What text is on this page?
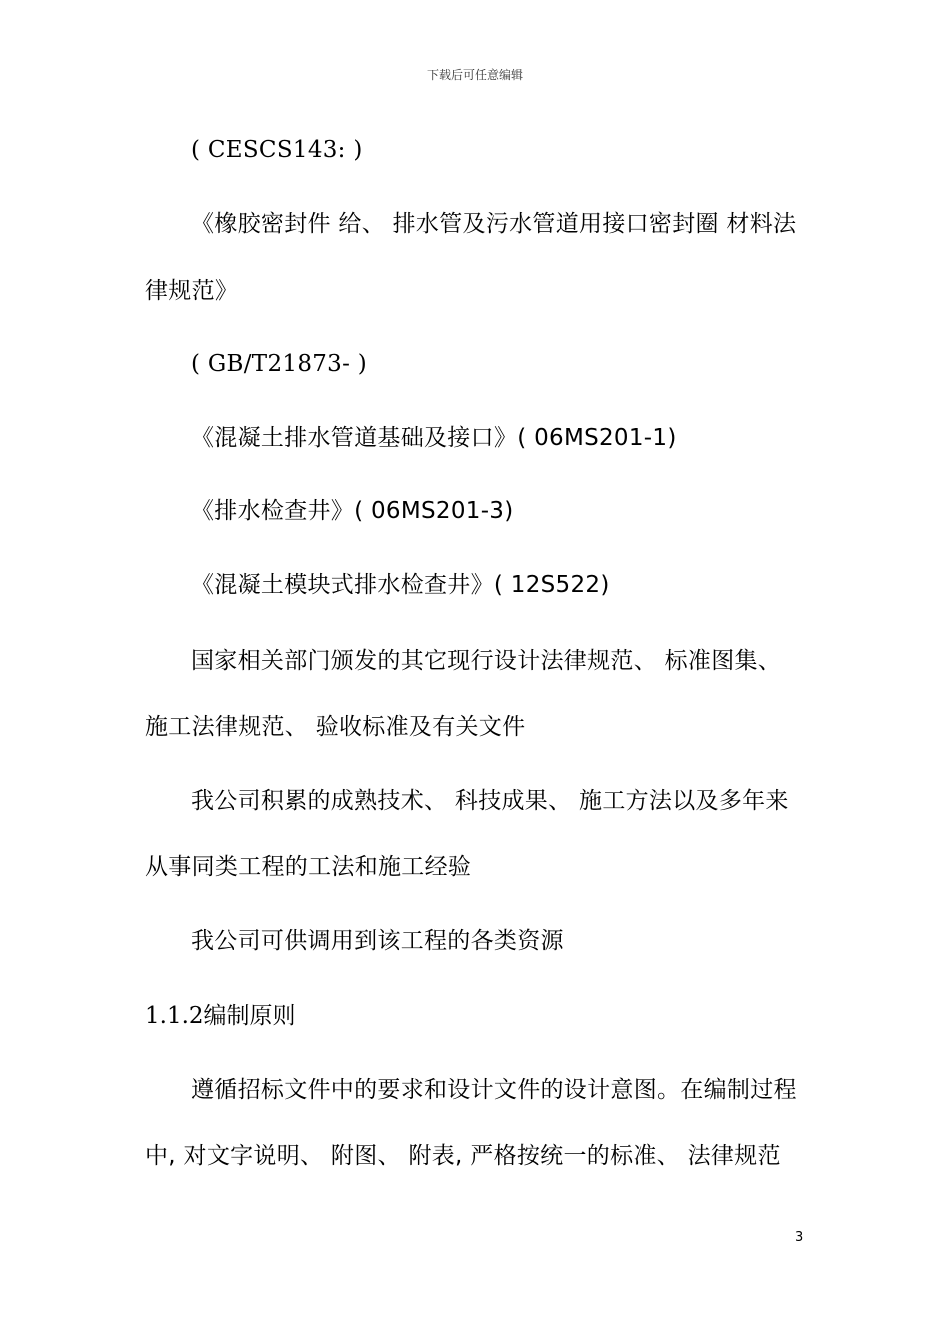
下载后可任意编辑
( CESCS143: )
《橡胶密封件 给、 排水管及污水管道用接口密封圈 材料法
律规范》
( GB/T21873- )
《混凝土排水管道基础及接口》( 06MS201-1)
《排水检查井》( 06MS201-3)
《混凝土模块式排水检查井》( 12S522)
国家相关部门颁发的其它现行设计法律规范、 标准图集、
施工法律规范、 验收标准及有关文件
我公司积累的成熟技术、 科技成果、 施工方法以及多年来
从事同类工程的工法和施工经验
我公司可供调用到该工程的各类资源
1.1.2编制原则
遵循招标文件中的要求和设计文件的设计意图。在编制过程
中, 对文字说明、 附图、 附表, 严格按统一的标准、 法律规范
3
